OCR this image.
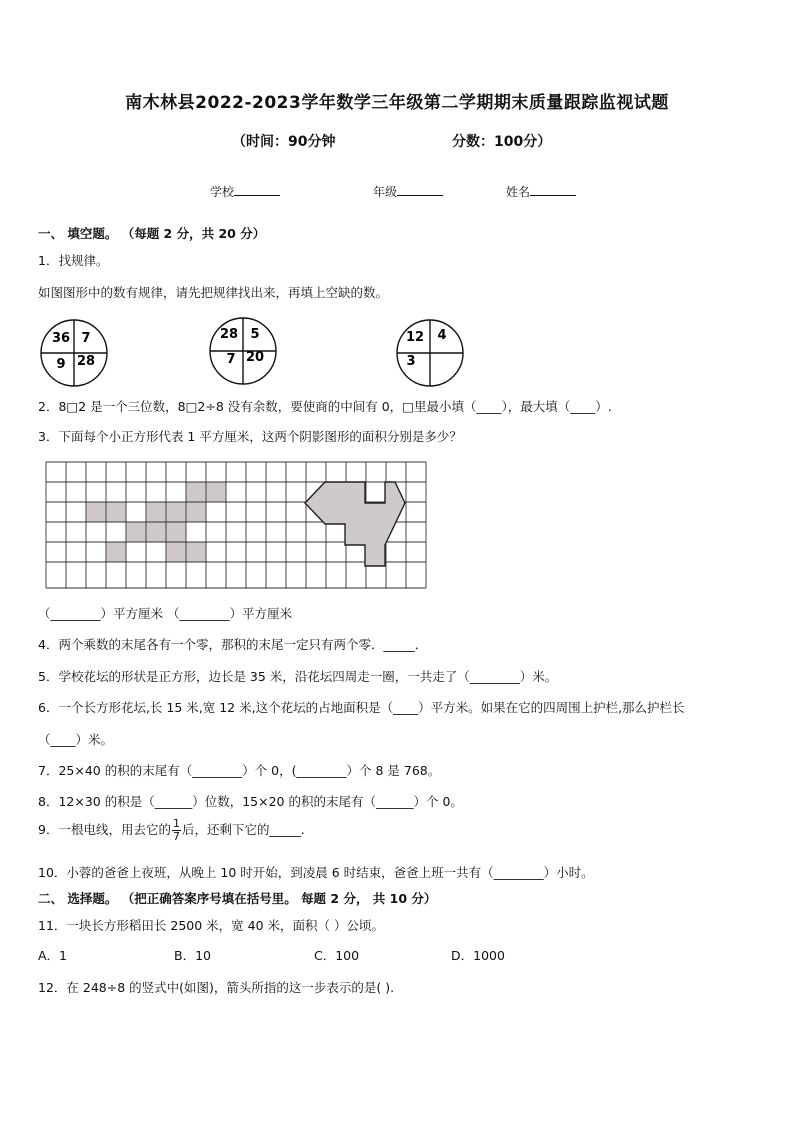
南木林县2022-2023学年数学三年级第二学期期末质量跟踪监视试题
（时间：90分钟	分数：100分）
学校	年级	姓名
一、 填空题。 （每题 2 分，共 20 分）
1．找规律。
如图图形中的数有规律，请先把规律找出来，再填上空缺的数。
36 7
9 28
28 5
7 20
12 4
3
2．8□2 是一个三位数，8□2÷8 没有余数，要使商的中间有 0，□里最小填（____），最大填（____）.
3．下面每个小正方形代表 1 平方厘米，这两个阴影图形的面积分别是多少？
（________）平方厘米 （________）平方厘米
4．两个乘数的末尾各有一个零，那积的末尾一定只有两个零．_____．
5．学校花坛的形状是正方形，边长是 35 米，沿花坛四周走一圈，一共走了（________）米。
6．一个长方形花坛,长 15 米,宽 12 米,这个花坛的占地面积是（____）平方米。如果在它的四周围上护栏,那么护栏长
（____）米。
7．25×40 的积的末尾有（________）个 0，(________）个 8 是 768。
8．12×30 的积是（______）位数，15×20 的积的末尾有（______）个 0。
9．一根电线，用去它的 $\frac{1}{7}$ 后，还剩下它的_____.
10．小蓉的爸爸上夜班，从晚上 10 时开始，到凌晨 6 时结束，爸爸上班一共有（________）小时。
二、 选择题。 （把正确答案序号填在括号里。 每题 2 分， 共 10 分）
11．一块长方形稻田长 2500 米，宽 40 米，面积（ ）公顷。
A．1	B．10	C．100	D．1000
12．在 248÷8 的竖式中(如图)，箭头所指的这一步表示的是( ).
